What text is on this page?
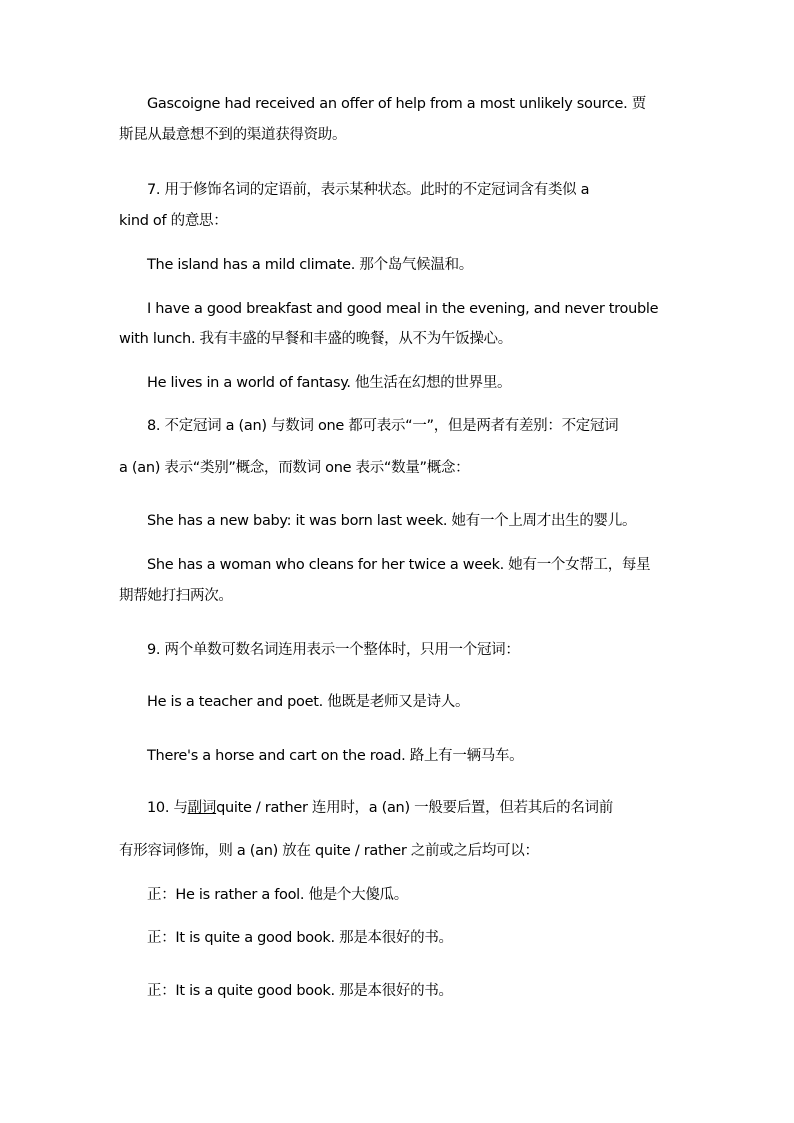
Gascoigne had received an offer of help from a most unlikely source. 贾
斯昆从最意想不到的渠道获得资助。
7. 用于修饰名词的定语前，表示某种状态。此时的不定冠词含有类似 a
kind of 的意思：
The island has a mild climate. 那个岛气候温和。
I have a good breakfast and good meal in the evening, and never trouble
with lunch. 我有丰盛的早餐和丰盛的晚餐，从不为午饭操心。
He lives in a world of fantasy. 他生活在幻想的世界里。
8. 不定冠词 a (an) 与数词 one 都可表示“一”，但是两者有差别：不定冠词
a (an) 表示“类别”概念，而数词 one 表示“数量”概念：
She has a new baby: it was born last week. 她有一个上周才出生的婴儿。
She has a woman who cleans for her twice a week. 她有一个女帮工，每星
期帮她打扫两次。
9. 两个单数可数名词连用表示一个整体时，只用一个冠词：
He is a teacher and poet. 他既是老师又是诗人。
There's a horse and cart on the road. 路上有一辆马车。
10. 与副词quite / rather 连用时，a (an) 一般要后置，但若其后的名词前
有形容词修饰，则 a (an) 放在 quite / rather 之前或之后均可以：
正：He is rather a fool. 他是个大傻瓜。
正：It is quite a good book. 那是本很好的书。
正：It is a quite good book. 那是本很好的书。
